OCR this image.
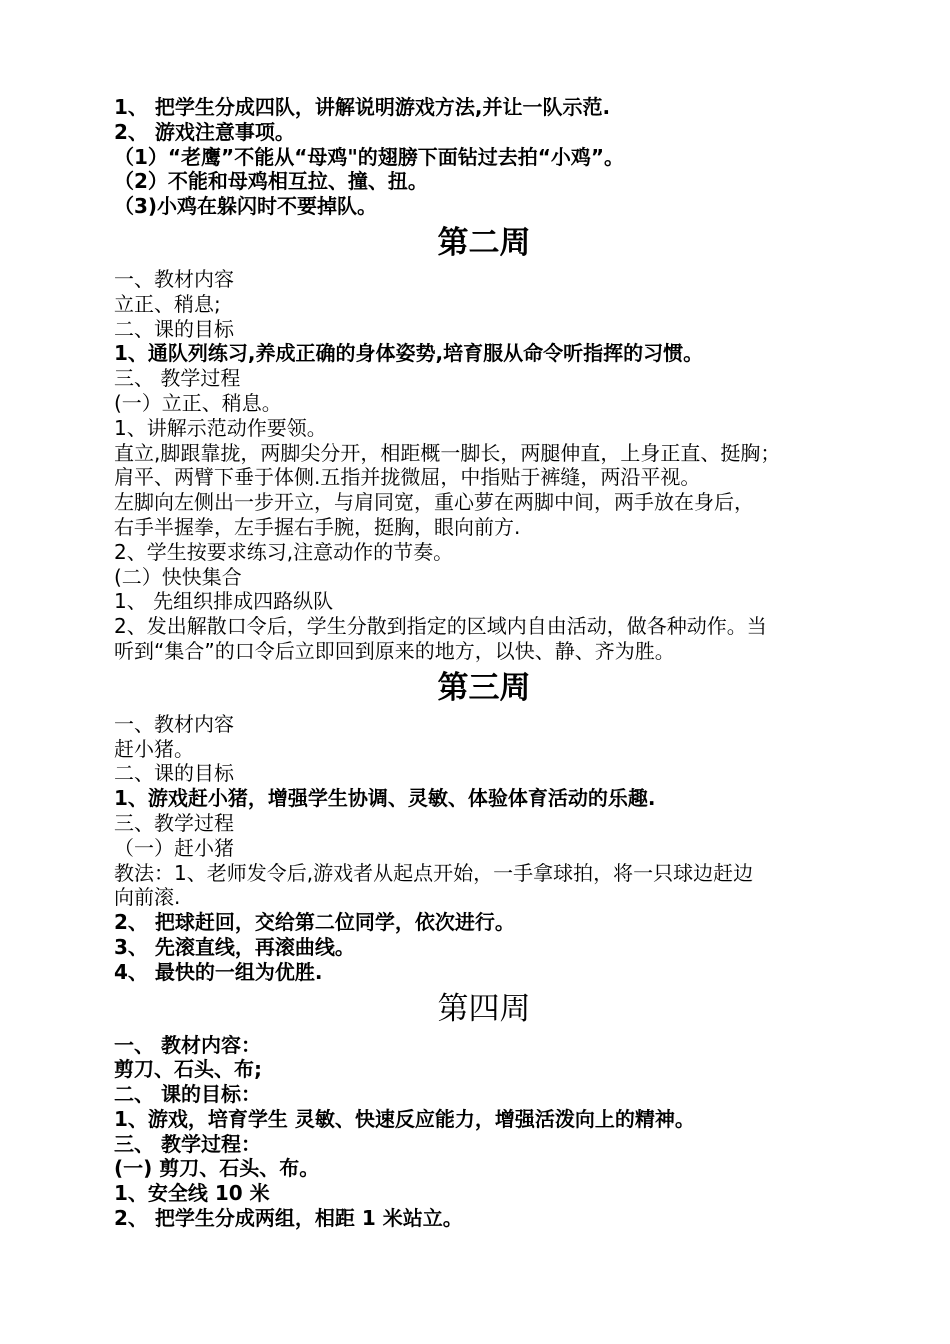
1、 把学生分成四队，讲解说明游戏方法,并让一队示范.

2、 游戏注意事项。

（1）“老鹰”不能从“母鸡"的翅膀下面钻过去拍“小鸡”。

（2）不能和母鸡相互拉、撞、扭。

（3)小鸡在躲闪时不要掉队。

第二周

一、教材内容

立正、稍息;

二、课的目标

1、通队列练习,养成正确的身体姿势,培育服从命令听指挥的习惯。

三、 教学过程

(一）立正、稍息。

1、讲解示范动作要领。

直立,脚跟靠拢，两脚尖分开，相距概一脚长，两腿伸直，上身正直、挺胸；

肩平、两臂下垂于体侧.五指并拢微屈，中指贴于裤缝，两沿平视。

左脚向左侧出一步开立，与肩同宽，重心萝在两脚中间，两手放在身后，

右手半握拳，左手握右手腕，挺胸，眼向前方.

2、学生按要求练习,注意动作的节奏。

(二）快快集合

1、 先组织排成四路纵队

2、发出解散口令后，学生分散到指定的区域内自由活动，做各种动作。当

听到“集合”的口令后立即回到原来的地方，以快、静、齐为胜。

第三周

一、教材内容

赶小猪。

二、课的目标

1、游戏赶小猪，增强学生协调、灵敏、体验体育活动的乐趣.

三、教学过程

（一）赶小猪

教法：1、老师发令后,游戏者从起点开始，一手拿球拍，将一只球边赶边

向前滚.

2、 把球赶回，交给第二位同学，依次进行。

3、 先滚直线，再滚曲线。

4、 最快的一组为优胜.

第四周

一、 教材内容：

剪刀、石头、布;

二、 课的目标：

1、游戏，培育学生 灵敏、快速反应能力，增强活泼向上的精神。

三、 教学过程：

(一) 剪刀、石头、布。

1、安全线 10 米

2、 把学生分成两组，相距 1 米站立。
